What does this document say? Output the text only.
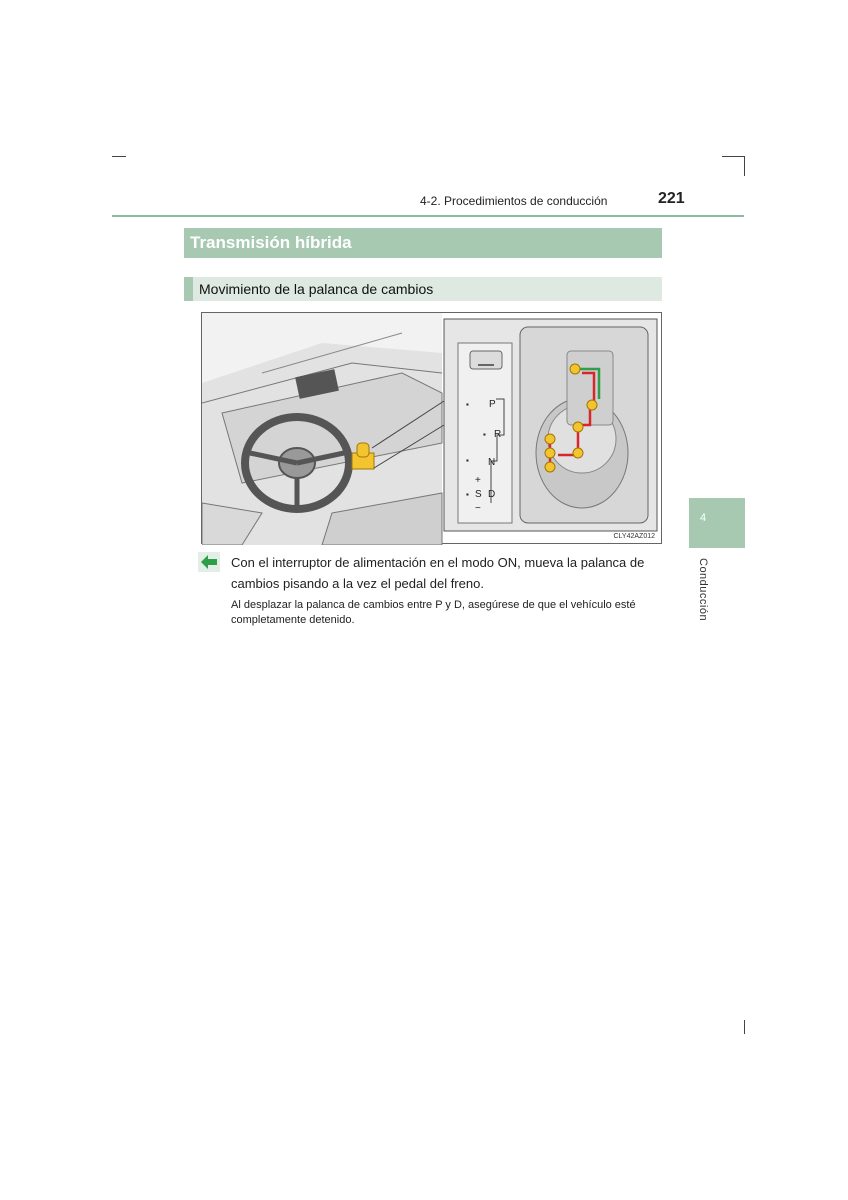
4-2. Procedimientos de conducción	221
Transmisión híbrida
Movimiento de la palanca de cambios
▪ P
▪ R
▪ N
+
▪ S D
−
CLY42AZ012
Con el interruptor de alimentación en el modo ON, mueva la palanca de cambios pisando a la vez el pedal del freno.
Al desplazar la palanca de cambios entre P y D, asegúrese de que el vehículo esté completamente detenido.
4
Conducción
